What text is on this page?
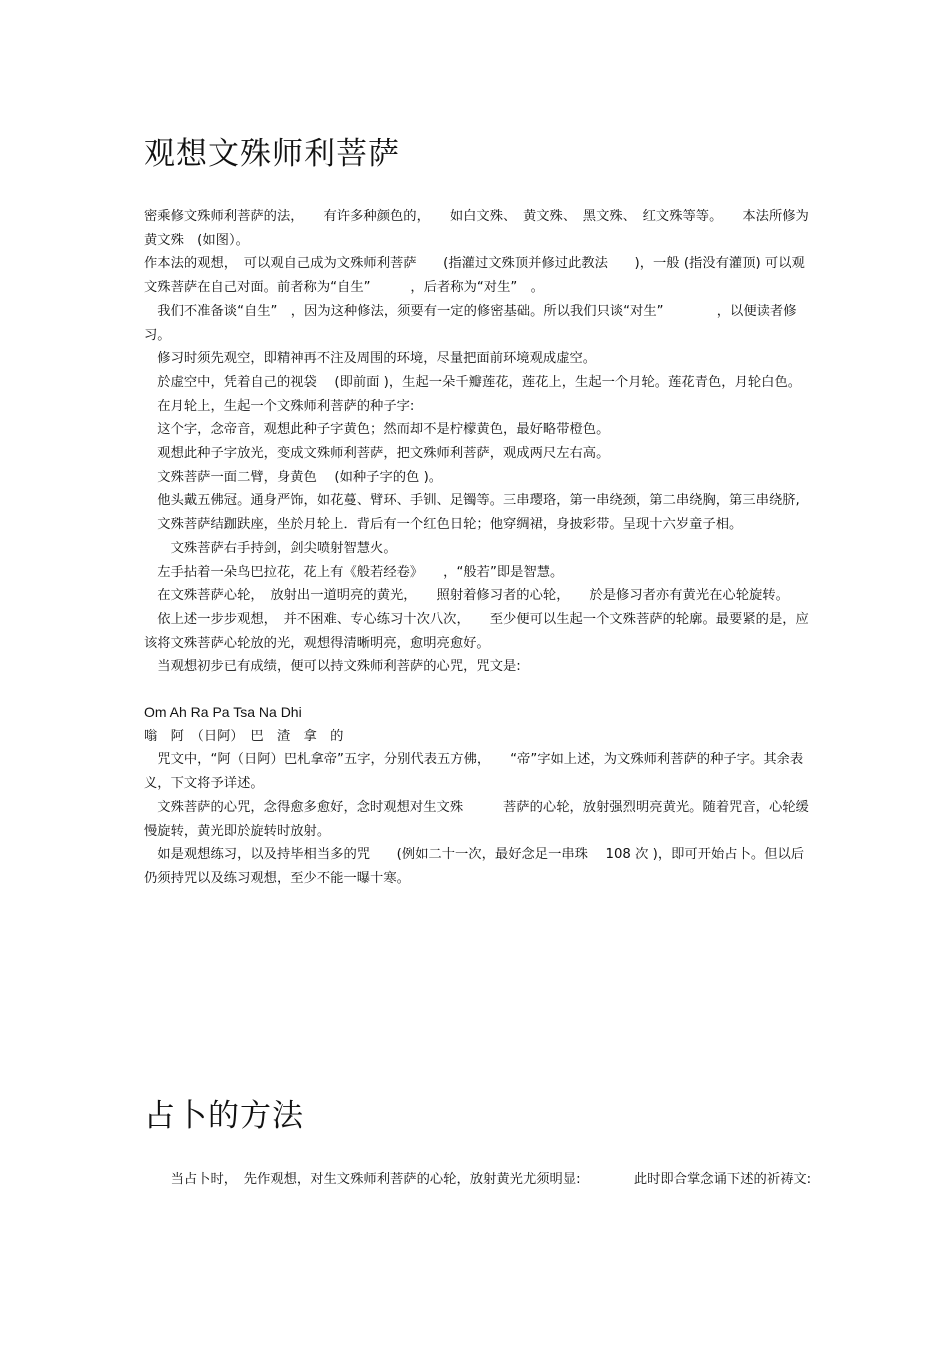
观想文殊师利菩萨

密乘修文殊师利菩萨的法，　　有许多种颜色的，　　如白文殊、　黄文殊、　黑文殊、　红文殊等等。　　本法所修为黄文殊　(如图）。

作本法的观想，　可以观自己成为文殊师利菩萨　　(指灌过文殊顶并修过此教法　　)，一般 (指没有灌顶) 可以观文殊菩萨在自己对面。前者称为“自生”　　　，后者称为“对生”　。

　我们不准备谈“自生”　，因为这种修法，须要有一定的修密基础。所以我们只谈“对生”　　　　，以便读者修习。

　修习时须先观空，即精神再不注及周围的环境，尽量把面前环境观成虚空。

　於虚空中，凭着自己的视袋　 (即前面 )，生起一朵千瓣莲花，莲花上，生起一个月轮。莲花青色，月轮白色。

　在月轮上，生起一个文殊师利菩萨的种子字:

　这个字，念帝音，观想此种子字黄色；然而却不是柠檬黄色，最好略带橙色。

　观想此种子字放光，变成文殊师利菩萨，把文殊师利菩萨，观成两尺左右高。

　文殊菩萨一面二臂，身黄色　 (如种子字的色 )。

　他头戴五佛冠。通身严饰，如花蔓、臂环、手钏、足镯等。三串璎珞，第一串绕颈，第二串绕胸，第三串绕脐,

　文殊菩萨结跏趺座，坐於月轮上．背后有一个红色日轮；他穿绸裙，身披彩带。呈现十六岁童子相。

　　文殊菩萨右手持剑，剑尖喷射智慧火。

　左手拈着一朵鸟巴拉花，花上有《般若经卷》　　，“般若”即是智慧。

　在文殊菩萨心轮，　放射出一道明亮的黄光，　　照射着修习者的心轮，　　於是修习者亦有黄光在心轮旋转。

　依上述一步步观想，　并不困难、专心练习十次八次，　　至少便可以生起一个文殊菩萨的轮廓。最要紧的是，应该将文殊菩萨心轮放的光，观想得清晰明亮，愈明亮愈好。

　当观想初步已有成绩，便可以持文殊师利菩萨的心咒，咒文是:

Om Ah Ra Pa Tsa Na Dhi

嗡　阿　（日阿）　巴　渣　拿　的

　咒文中，“阿（日阿）巴札拿帝”五字，分别代表五方佛，　　“帝”字如上述，为文殊师利菩萨的种子字。其余表义，下文将予详述。

　文殊菩萨的心咒，念得愈多愈好，念时观想对生文殊　　　菩萨的心轮，放射强烈明亮黄光。随着咒音，心轮缓慢旋转，黄光即於旋转时放射。

　如是观想练习，以及持毕相当多的咒　　(例如二十一次，最好念足一串珠　 108 次 )，即可开始占卜。但以后仍须持咒以及练习观想，至少不能一曝十寒。

占卜的方法

　　当占卜时，　先作观想，对生文殊师利菩萨的心轮，放射黄光尤须明显:　　　　此时即合掌念诵下述的祈祷文:
